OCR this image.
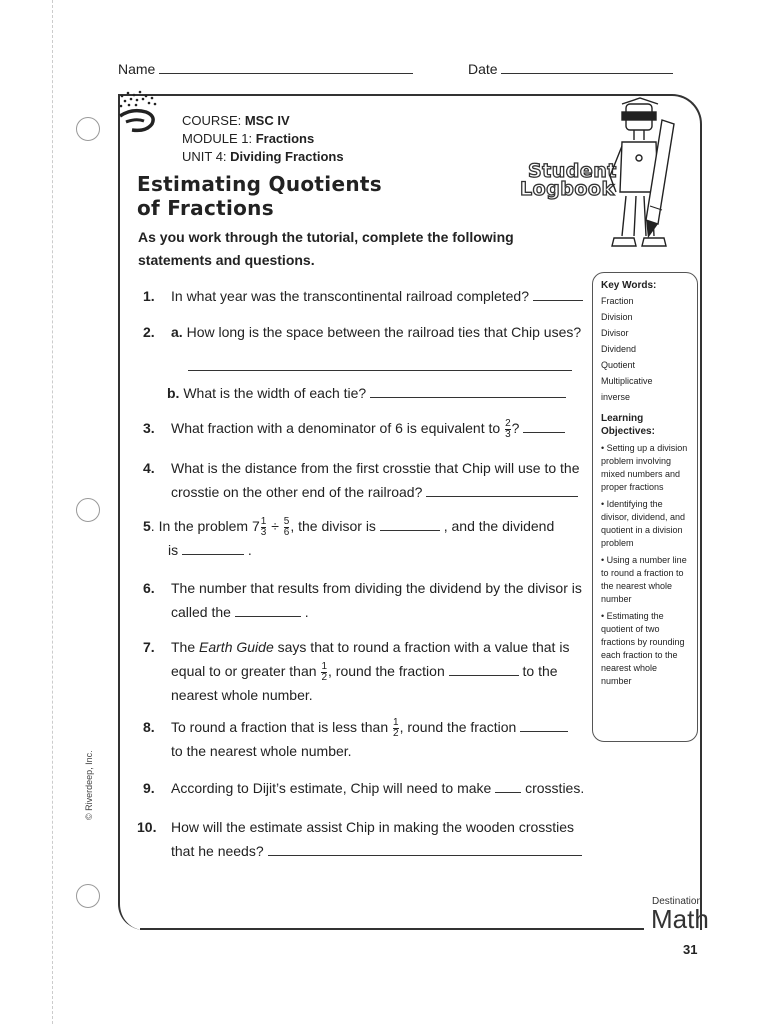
Name	Date
COURSE: MSC IV
MODULE 1: Fractions
UNIT 4: Dividing Fractions
Estimating Quotients
of Fractions
Student
Logbook
As you work through the tutorial, complete the following
statements and questions.
1. In what year was the transcontinental railroad completed?
2. a. How long is the space between the railroad ties that Chip uses?
b. What is the width of each tie?
3. What fraction with a denominator of 6 is equivalent to $\frac{2}{3}$ ?
4. What is the distance from the first crosstie that Chip will use to the
crosstie on the other end of the railroad?
5. In the problem $7 \frac{1}{3} \div \frac{5}{6}$ , the divisor is	, and the dividend
is	.
6. The number that results from dividing the dividend by the divisor is
called the	.
7. The Earth Guide says that to round a fraction with a value that is
equal to or greater than $\frac{1}{2}$ , round the fraction	to the
nearest whole number.
8. To round a fraction that is less than $\frac{1}{2}$ , round the fraction
to the nearest whole number.
9. According to Dijit’s estimate, Chip will need to make crossties.
10. How will the estimate assist Chip in making the wooden crossties
that he needs?
Key Words:
Fraction
Division
Divisor
Dividend
Quotient
Multiplicative
inverse
Learning
Objectives:
• Setting up a division problem involving mixed numbers and proper fractions
• Identifying the divisor, dividend, and quotient in a division problem
• Using a number line to round a fraction to the nearest whole number
• Estimating the quotient of two fractions by rounding each fraction to the nearest whole number
© Riverdeep, Inc.
Destination
Math
31
